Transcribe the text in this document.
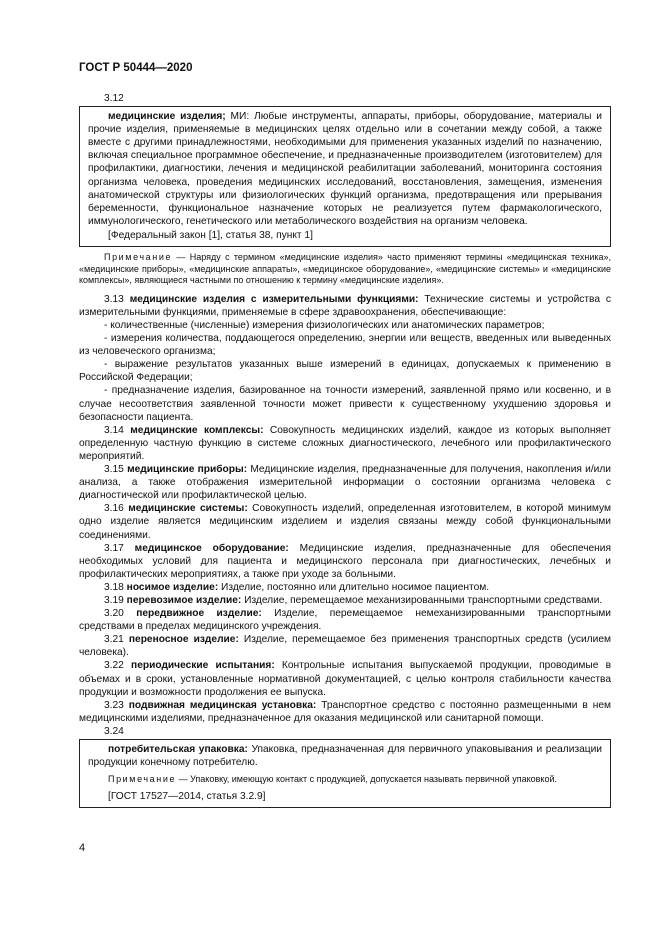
ГОСТ Р 50444—2020

3.12

медицинские изделия; МИ: Любые инструменты, аппараты, приборы, оборудование, материалы и прочие изделия, применяемые в медицинских целях отдельно или в сочетании между собой, а также вместе с другими принадлежностями, необходимыми для применения указанных изделий по назначению, включая специальное программное обеспечение, и предназначенные производителем (изготовителем) для профилактики, диагностики, лечения и медицинской реабилитации заболеваний, мониторинга состояния организма человека, проведения медицинских исследований, восстановления, замещения, изменения анатомической структуры или физиологических функций организма, предотвращения или прерывания беременности, функциональное назначение которых не реализуется путем фармакологического, иммунологического, генетического или метаболического воздействия на организм человека.

[Федеральный закон [1], статья 38, пункт 1]

Примечание — Наряду с термином «медицинские изделия» часто применяют термины «медицинская техника», «медицинские приборы», «медицинские аппараты», «медицинское оборудование», «медицинские системы» и «медицинские комплексы», являющиеся частными по отношению к термину «медицинские изделия».

3.13 медицинские изделия с измерительными функциями: Технические системы и устройства с измерительными функциями, применяемые в сфере здравоохранения, обеспечивающие:

- количественные (численные) измерения физиологических или анатомических параметров;

- измерения количества, поддающегося определению, энергии или веществ, введенных или выведенных из человеческого организма;

- выражение результатов указанных выше измерений в единицах, допускаемых к применению в Российской Федерации;

- предназначение изделия, базированное на точности измерений, заявленной прямо или косвенно, и в случае несоответствия заявленной точности может привести к существенному ухудшению здоровья и безопасности пациента.

3.14 медицинские комплексы: Совокупность медицинских изделий, каждое из которых выполняет определенную частную функцию в системе сложных диагностического, лечебного или профилактического мероприятий.

3.15 медицинские приборы: Медицинские изделия, предназначенные для получения, накопления и/или анализа, а также отображения измерительной информации о состоянии организма человека с диагностической или профилактической целью.

3.16 медицинские системы: Совокупность изделий, определенная изготовителем, в которой минимум одно изделие является медицинским изделием и изделия связаны между собой функциональными соединениями.

3.17 медицинское оборудование: Медицинские изделия, предназначенные для обеспечения необходимых условий для пациента и медицинского персонала при диагностических, лечебных и профилактических мероприятиях, а также при уходе за больными.

3.18 носимое изделие: Изделие, постоянно или длительно носимое пациентом.

3.19 перевозимое изделие: Изделие, перемещаемое механизированными транспортными средствами.

3.20 передвижное изделие: Изделие, перемещаемое немеханизированными транспортными средствами в пределах медицинского учреждения.

3.21 переносное изделие: Изделие, перемещаемое без применения транспортных средств (усилием человека).

3.22 периодические испытания: Контрольные испытания выпускаемой продукции, проводимые в объемах и в сроки, установленные нормативной документацией, с целью контроля стабильности качества продукции и возможности продолжения ее выпуска.

3.23 подвижная медицинская установка: Транспортное средство с постоянно размещенными в нем медицинскими изделиями, предназначенное для оказания медицинской или санитарной помощи.

3.24

потребительская упаковка: Упаковка, предназначенная для первичного упаковывания и реализации продукции конечному потребителю.

Примечание — Упаковку, имеющую контакт с продукцией, допускается называть первичной упаковкой.

[ГОСТ 17527—2014, статья 3.2.9]

4
